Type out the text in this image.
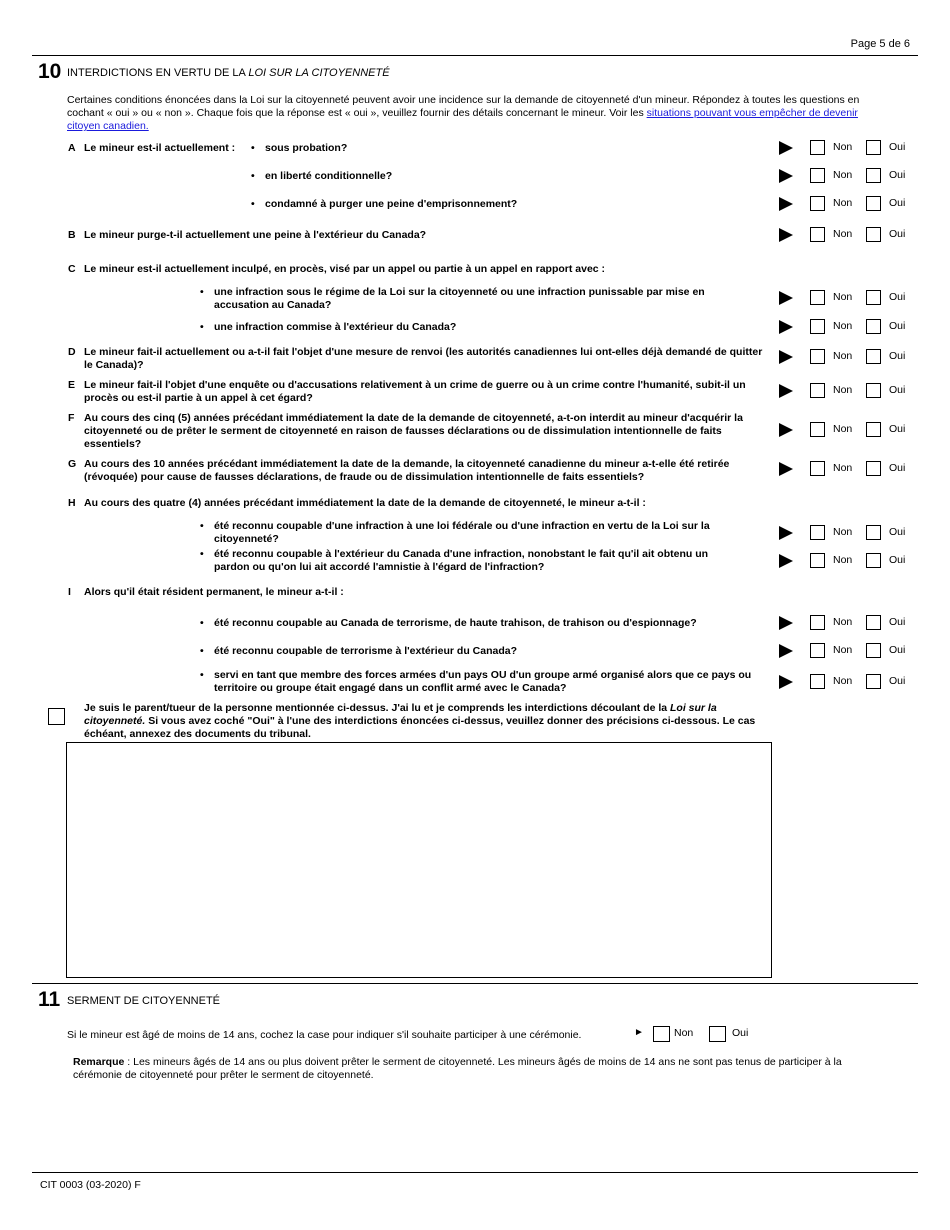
Page 5 de 6
10 INTERDICTIONS EN VERTU DE LA LOI SUR LA CITOYENNETÉ
Certaines conditions énoncées dans la Loi sur la citoyenneté peuvent avoir une incidence sur la demande de citoyenneté d'un mineur. Répondez à toutes les questions en cochant « oui » ou « non ». Chaque fois que la réponse est « oui », veuillez fournir des détails concernant le mineur. Voir les situations pouvant vous empêcher de devenir citoyen canadien.
A Le mineur est-il actuellement :
•	sous probation?
• en liberté conditionnelle?
• condamné à purger une peine d'emprisonnement?
B Le mineur purge-t-il actuellement une peine à l'extérieur du Canada?
C Le mineur est-il actuellement inculpé, en procès, visé par un appel ou partie à un appel en rapport avec :
• une infraction sous le régime de la Loi sur la citoyenneté ou une infraction punissable par mise en accusation au Canada?
• une infraction commise à l'extérieur du Canada?
D Le mineur fait-il actuellement ou a-t-il fait l'objet d'une mesure de renvoi (les autorités canadiennes lui ont-elles déjà demandé de quitter le Canada)?
E Le mineur fait-il l'objet d'une enquête ou d'accusations relativement à un crime de guerre ou à un crime contre l'humanité, subit-il un procès ou est-il partie à un appel à cet égard?
F Au cours des cinq (5) années précédant immédiatement la date de la demande de citoyenneté, a-t-on interdit au mineur d'acquérir la citoyenneté ou de prêter le serment de citoyenneté en raison de fausses déclarations ou de dissimulation intentionnelle de faits essentiels?
G Au cours des 10 années précédant immédiatement la date de la demande, la citoyenneté canadienne du mineur a-t-elle été retirée (révoquée) pour cause de fausses déclarations, de fraude ou de dissimulation intentionnelle de faits essentiels?
H Au cours des quatre (4) années précédant immédiatement la date de la demande de citoyenneté, le mineur a-t-il :
• été reconnu coupable d'une infraction à une loi fédérale ou d'une infraction en vertu de la Loi sur la citoyenneté?
• été reconnu coupable à l'extérieur du Canada d'une infraction, nonobstant le fait qu'il ait obtenu un pardon ou qu'on lui ait accordé l'amnistie à l'égard de l'infraction?
I Alors qu'il était résident permanent, le mineur a-t-il :
• été reconnu coupable au Canada de terrorisme, de haute trahison, de trahison ou d'espionnage?
• été reconnu coupable de terrorisme à l'extérieur du Canada?
• servi en tant que membre des forces armées d'un pays OU d'un groupe armé organisé alors que ce pays ou territoire ou groupe était engagé dans un conflit armé avec le Canada?
Non	Oui
Non	Oui
Non	Oui
Non	Oui
Non	Oui
Non	Oui
Non	Oui
Non	Oui
Non	Oui
Non	Oui
Non	Oui
Non	Oui
Non	Oui
Non	Oui
Non	Oui
Je suis le parent/tueur de la personne mentionnée ci-dessus. J'ai lu et je comprends les interdictions découlant de la Loi sur la citoyenneté. Si vous avez coché "Oui" à l'une des interdictions énoncées ci-dessus, veuillez donner des précisions ci-dessous. Le cas échéant, annexez des documents du tribunal.
11 SERMENT DE CITOYENNETÉ
Si le mineur est âgé de moins de 14 ans, cochez la case pour indiquer s'il souhaite participer à une cérémonie.	►	Non	Oui
Remarque : Les mineurs âgés de 14 ans ou plus doivent prêter le serment de citoyenneté. Les mineurs âgés de moins de 14 ans ne sont pas tenus de participer à la cérémonie de citoyenneté pour prêter le serment de citoyenneté.
CIT 0003 (03-2020) F
